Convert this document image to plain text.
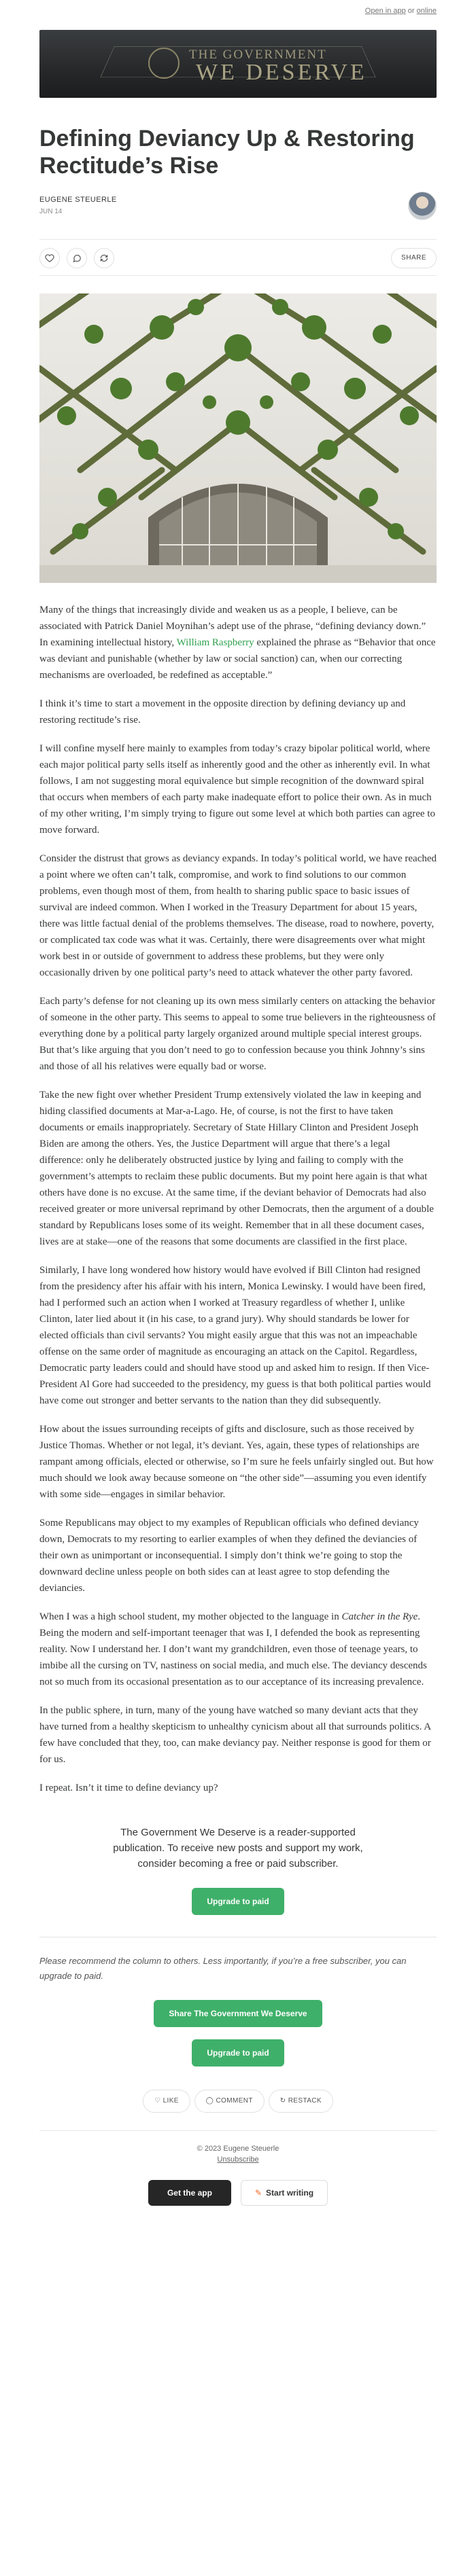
Open in app or online
THE GOVERNMENT
WE DESERVE
Defining Deviancy Up & Restoring Rectitude’s Rise
EUGENE STEUERLE
JUN 14
SHARE

Many of the things that increasingly divide and weaken us as a people, I believe, can be associated with Patrick Daniel Moynihan’s adept use of the phrase, “defining deviancy down.” In examining intellectual history, William Raspberry explained the phrase as “Behavior that once was deviant and punishable (whether by law or social sanction) can, when our correcting mechanisms are overloaded, be redefined as acceptable.”

I think it’s time to start a movement in the opposite direction by defining deviancy up and restoring rectitude’s rise.

I will confine myself here mainly to examples from today’s crazy bipolar political world, where each major political party sells itself as inherently good and the other as inherently evil. In what follows, I am not suggesting moral equivalence but simple recognition of the downward spiral that occurs when members of each party make inadequate effort to police their own. As in much of my other writing, I’m simply trying to figure out some level at which both parties can agree to move forward.

Consider the distrust that grows as deviancy expands. In today’s political world, we have reached a point where we often can’t talk, compromise, and work to find solutions to our common problems, even though most of them, from health to sharing public space to basic issues of survival are indeed common. When I worked in the Treasury Department for about 15 years, there was little factual denial of the problems themselves. The disease, road to nowhere, poverty, or complicated tax code was what it was. Certainly, there were disagreements over what might work best in or outside of government to address these problems, but they were only occasionally driven by one political party’s need to attack whatever the other party favored.

Each party’s defense for not cleaning up its own mess similarly centers on attacking the behavior of someone in the other party. This seems to appeal to some true believers in the righteousness of everything done by a political party largely organized around multiple special interest groups. But that’s like arguing that you don’t need to go to confession because you think Johnny’s sins and those of all his relatives were equally bad or worse.

Take the new fight over whether President Trump extensively violated the law in keeping and hiding classified documents at Mar-a-Lago. He, of course, is not the first to have taken documents or emails inappropriately. Secretary of State Hillary Clinton and President Joseph Biden are among the others. Yes, the Justice Department will argue that there’s a legal difference: only he deliberately obstructed justice by lying and failing to comply with the government’s attempts to reclaim these public documents. But my point here again is that what others have done is no excuse. At the same time, if the deviant behavior of Democrats had also received greater or more universal reprimand by other Democrats, then the argument of a double standard by Republicans loses some of its weight. Remember that in all these document cases, lives are at stake—one of the reasons that some documents are classified in the first place.

Similarly, I have long wondered how history would have evolved if Bill Clinton had resigned from the presidency after his affair with his intern, Monica Lewinsky. I would have been fired, had I performed such an action when I worked at Treasury regardless of whether I, unlike Clinton, later lied about it (in his case, to a grand jury). Why should standards be lower for elected officials than civil servants? You might easily argue that this was not an impeachable offense on the same order of magnitude as encouraging an attack on the Capitol. Regardless, Democratic party leaders could and should have stood up and asked him to resign. If then Vice-President Al Gore had succeeded to the presidency, my guess is that both political parties would have come out stronger and better servants to the nation than they did subsequently.

How about the issues surrounding receipts of gifts and disclosure, such as those received by Justice Thomas. Whether or not legal, it’s deviant. Yes, again, these types of relationships are rampant among officials, elected or otherwise, so I’m sure he feels unfairly singled out. But how much should we look away because someone on “the other side”—assuming you even identify with some side—engages in similar behavior.

Some Republicans may object to my examples of Republican officials who defined deviancy down, Democrats to my resorting to earlier examples of when they defined the deviancies of their own as unimportant or inconsequential. I simply don’t think we’re going to stop the downward decline unless people on both sides can at least agree to stop defending the deviancies.

When I was a high school student, my mother objected to the language in Catcher in the Rye. Being the modern and self-important teenager that was I, I defended the book as representing reality. Now I understand her. I don’t want my grandchildren, even those of teenage years, to imbibe all the cursing on TV, nastiness on social media, and much else. The deviancy descends not so much from its occasional presentation as to our acceptance of its increasing prevalence.

In the public sphere, in turn, many of the young have watched so many deviant acts that they have turned from a healthy skepticism to unhealthy cynicism about all that surrounds politics. A few have concluded that they, too, can make deviancy pay. Neither response is good for them or for us.

I repeat. Isn’t it time to define deviancy up?

The Government We Deserve is a reader-supported publication. To receive new posts and support my work, consider becoming a free or paid subscriber.
Upgrade to paid
Please recommend the column to others. Less importantly, if you’re a free subscriber, you can upgrade to paid.
Share The Government We Deserve
Upgrade to paid
♡ LIKE	◯ COMMENT	↻ RESTACK
© 2023 Eugene Steuerle
Unsubscribe
Get the app	✎ Start writing
